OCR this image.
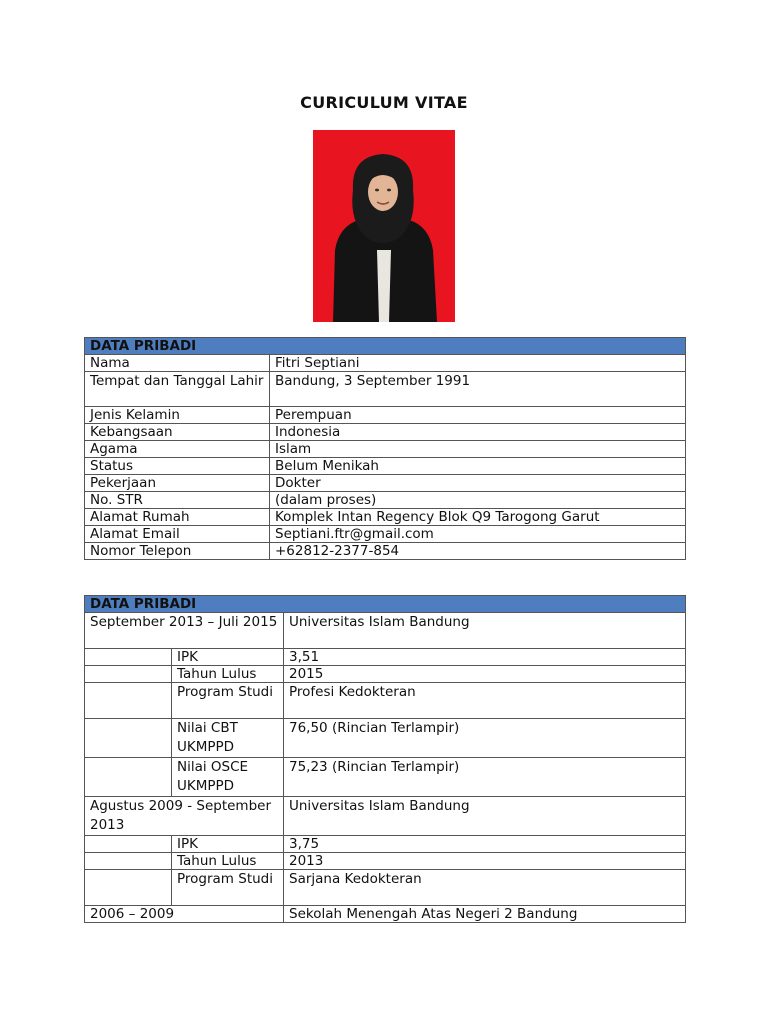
CURICULUM VITAE
DATA PRIBADI	
Nama	Fitri Septiani
Tempat dan Tanggal Lahir	Bandung, 3 September 1991
Jenis Kelamin	Perempuan
Kebangsaan	Indonesia
Agama	Islam
Status	Belum Menikah
Pekerjaan	Dokter
No. STR	(dalam proses)
Alamat Rumah	Komplek Intan Regency Blok Q9 Tarogong Garut
Alamat Email	Septiani.ftr@gmail.com
Nomor Telepon	+62812-2377-854
DATA PRIBADI		
September 2013 – Juli 2015		Universitas Islam Bandung
	IPK	3,51
	Tahun Lulus	2015
	Program Studi	Profesi Kedokteran
	Nilai CBT UKMPPD	76,50 (Rincian Terlampir)
	Nilai OSCE UKMPPD	75,23 (Rincian Terlampir)
Agustus 2009 - September 2013		Universitas Islam Bandung
	IPK	3,75
	Tahun Lulus	2013
	Program Studi	Sarjana Kedokteran
2006 – 2009		Sekolah Menengah Atas Negeri 2 Bandung
